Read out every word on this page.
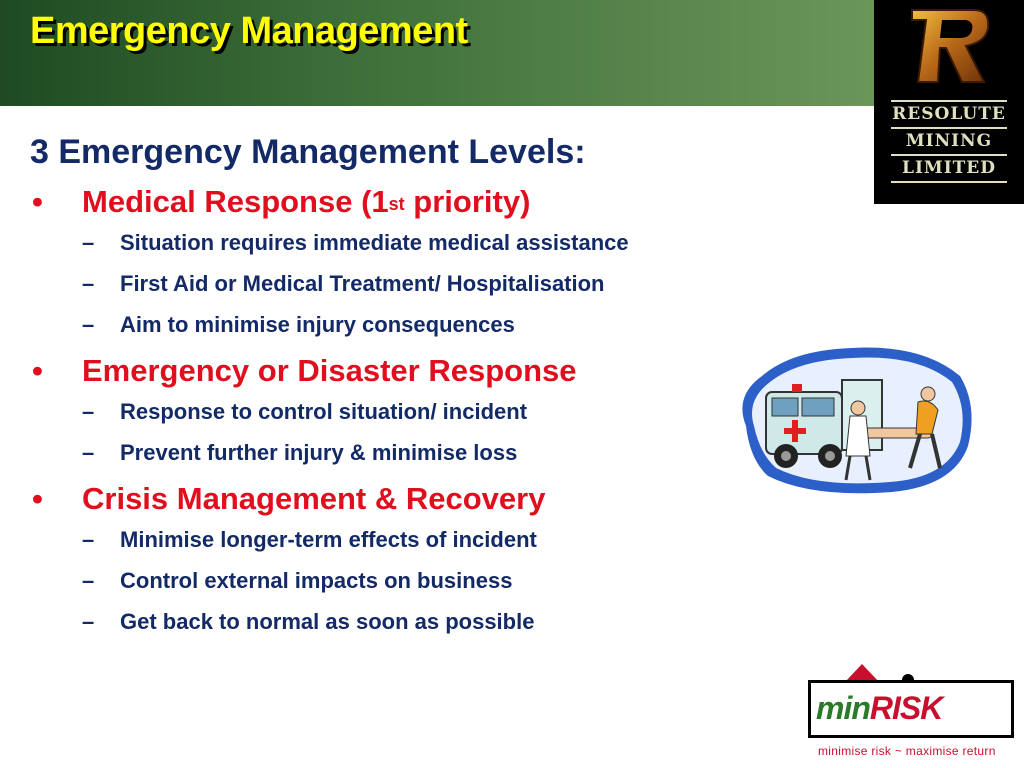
Emergency Management
RESOLUTE
MINING
LIMITED
3 Emergency Management Levels:
• Medical Response (1st priority)
– Situation requires immediate medical assistance
– First Aid or Medical Treatment/ Hospitalisation
– Aim to minimise injury consequences
• Emergency or Disaster Response
– Response to control situation/ incident
– Prevent further injury & minimise loss
• Crisis Management & Recovery
– Minimise longer-term effects of incident
– Control external impacts on business
– Get back to normal as soon as possible
minRISK
minimise risk ~ maximise return
